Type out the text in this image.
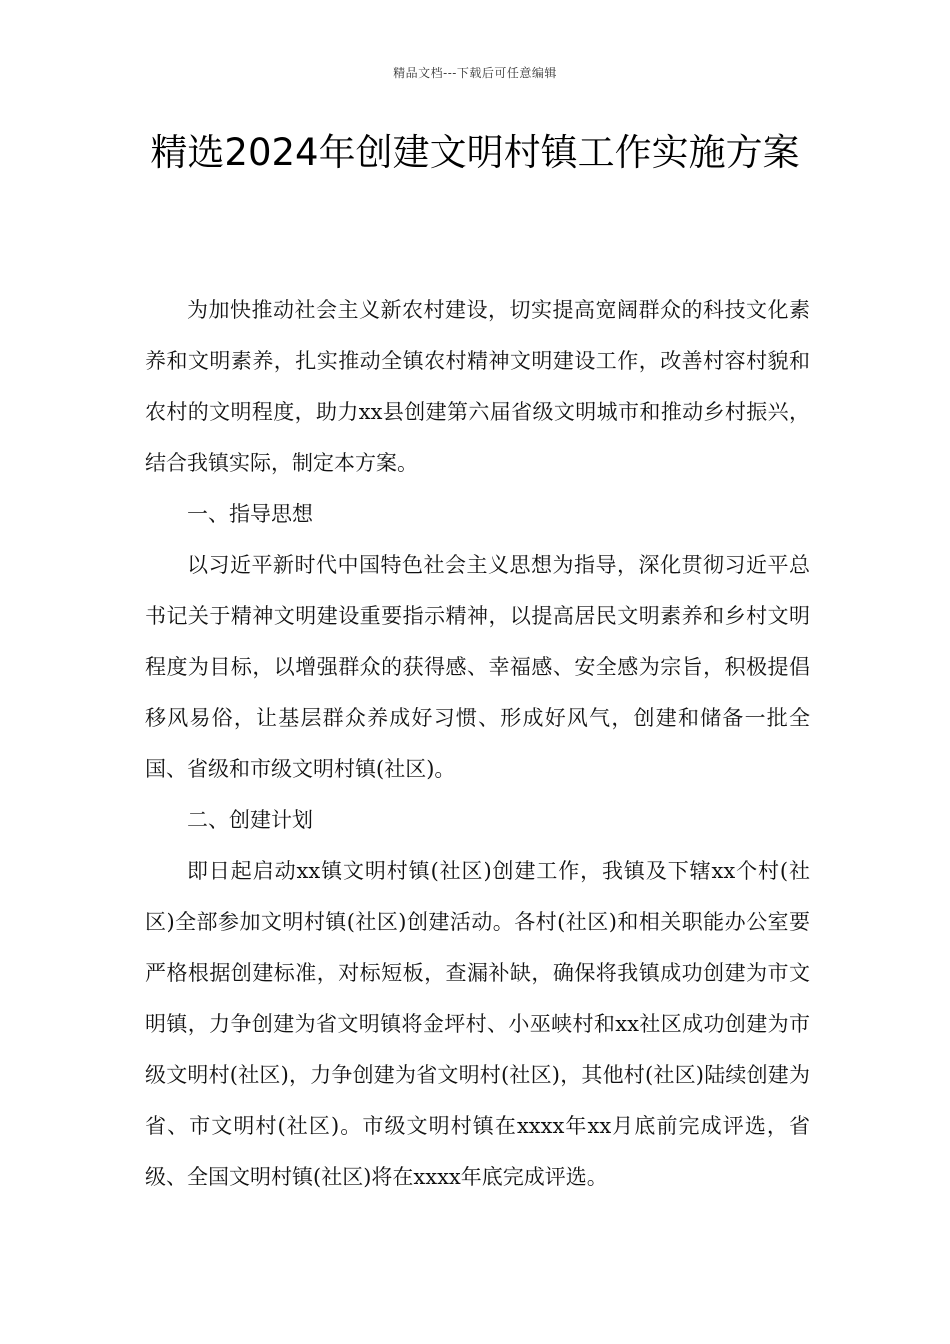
精品文档---下载后可任意编辑
精选2024年创建文明村镇工作实施方案

为加快推动社会主义新农村建设，切实提高宽阔群众的科技文化素养和文明素养，扎实推动全镇农村精神文明建设工作，改善村容村貌和农村的文明程度，助力xx县创建第六届省级文明城市和推动乡村振兴，结合我镇实际，制定本方案。

一、指导思想

以习近平新时代中国特色社会主义思想为指导，深化贯彻习近平总书记关于精神文明建设重要指示精神，以提高居民文明素养和乡村文明程度为目标，以增强群众的获得感、幸福感、安全感为宗旨，积极提倡移风易俗，让基层群众养成好习惯、形成好风气，创建和储备一批全国、省级和市级文明村镇(社区)。

二、创建计划

即日起启动xx镇文明村镇(社区)创建工作，我镇及下辖xx个村(社区)全部参加文明村镇(社区)创建活动。各村(社区)和相关职能办公室要严格根据创建标准，对标短板，查漏补缺，确保将我镇成功创建为市文明镇，力争创建为省文明镇将金坪村、小巫峡村和xx社区成功创建为市级文明村(社区)，力争创建为省文明村(社区)，其他村(社区)陆续创建为省、市文明村(社区)。市级文明村镇在xxxx年xx月底前完成评选，省级、全国文明村镇(社区)将在xxxx年底完成评选。
